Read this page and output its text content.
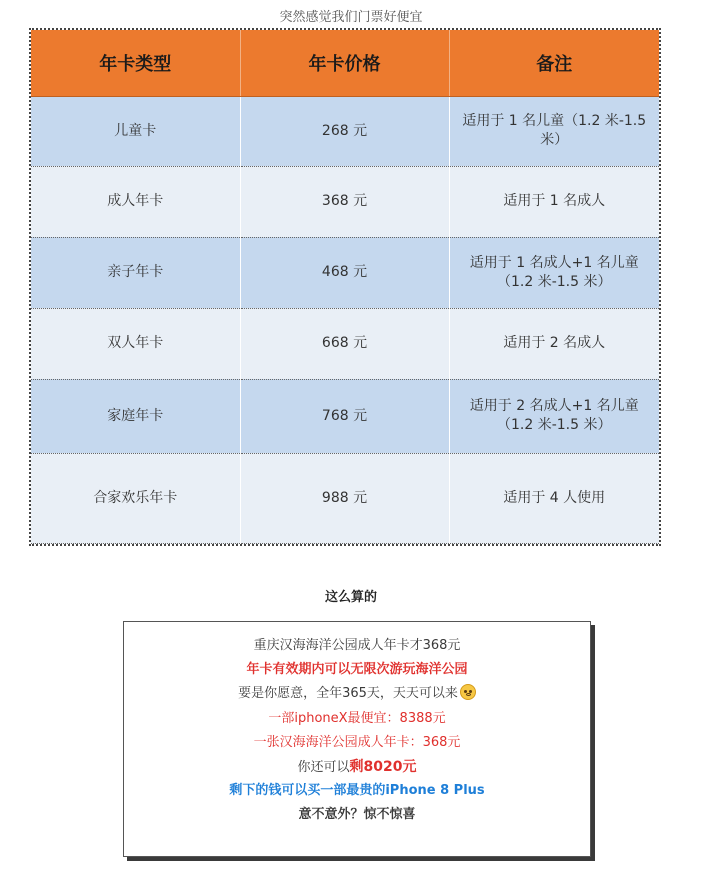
突然感觉我们门票好便宜
年卡类型	年卡价格	备注
儿童卡	268 元	适用于 1 名儿童（1.2 米-1.5 米）

成人年卡	368 元	适用于 1 名成人

亲子年卡	468 元	适用于 1 名成人+1 名儿童
（1.2 米-1.5 米）

双人年卡	668 元	适用于 2 名成人

家庭年卡	768 元	适用于 2 名成人+1 名儿童
（1.2 米-1.5 米）

合家欢乐年卡	988 元	适用于 4 人使用
这么算的
重庆汉海海洋公园成人年卡才368元
年卡有效期内可以无限次游玩海洋公园
要是你愿意，全年365天，天天可以来
一部iphoneX最便宜：8388元
一张汉海海洋公园成人年卡：368元
你还可以剩8020元
剩下的钱可以买一部最贵的iPhone 8 Plus
意不意外？惊不惊喜
